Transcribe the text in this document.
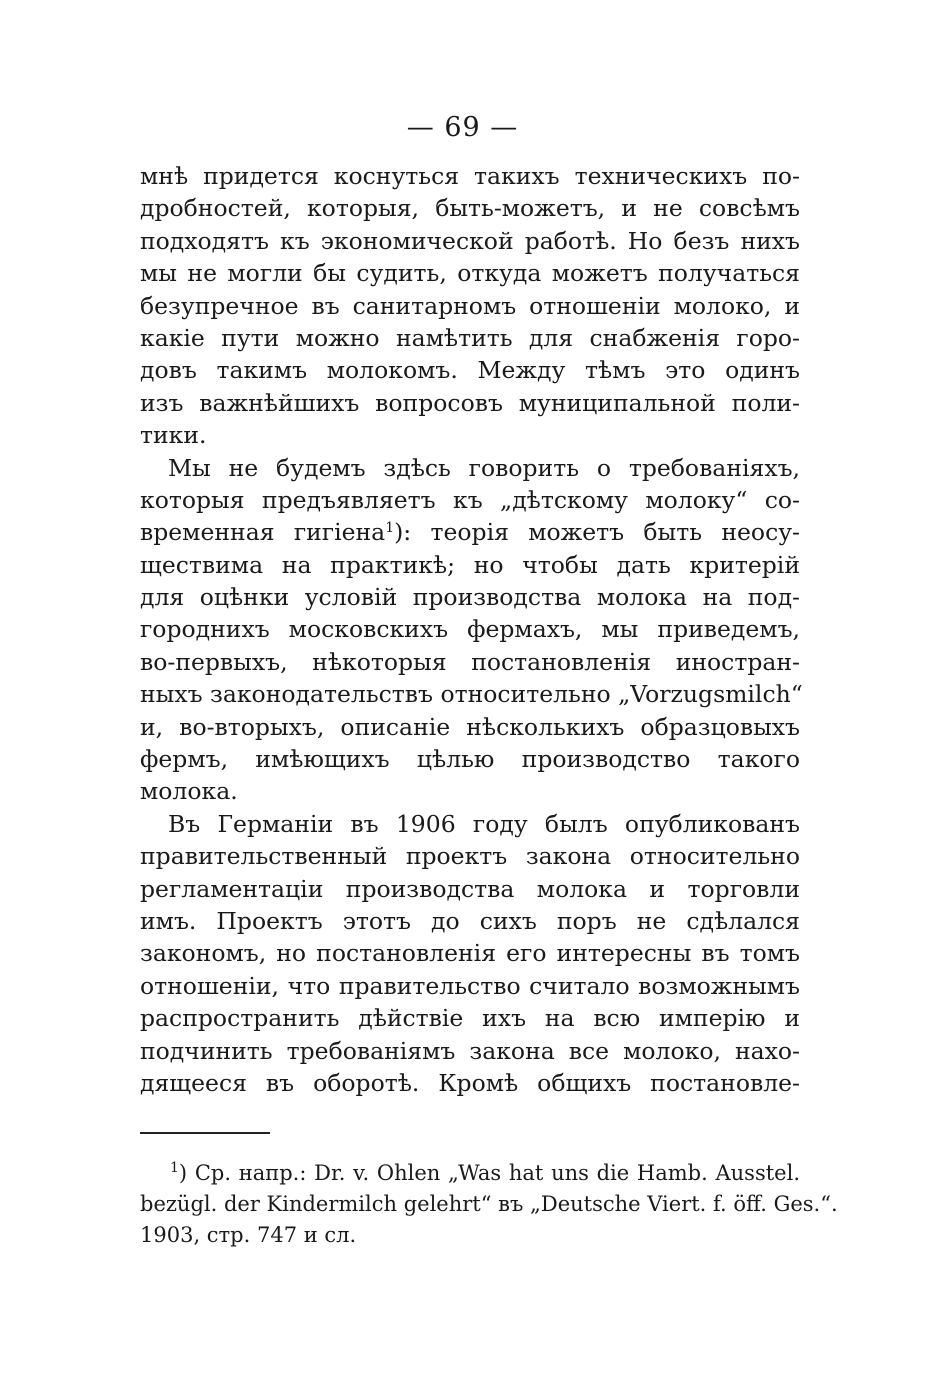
— 69 —
мнѣ придется коснуться такихъ техническихъ по-
дробностей, которыя, быть-можетъ, и не совсѣмъ
подходятъ къ экономической работѣ. Но безъ нихъ
мы не могли бы судить, откуда можетъ получаться
безупречное въ санитарномъ отношеніи молоко, и
какіе пути можно намѣтить для снабженія горо-
довъ такимъ молокомъ. Между тѣмъ это одинъ
изъ важнѣйшихъ вопросовъ муниципальной поли-
тики.
Мы не будемъ здѣсь говорить о требованіяхъ,
которыя предъявляетъ къ „дѣтскому молоку“ со-
временная гигіена$^1$): теорія можетъ быть неосу-
ществима на практикѣ; но чтобы дать критерій
для оцѣнки условій производства молока на под-
городнихъ московскихъ фермахъ, мы приведемъ,
во-первыхъ, нѣкоторыя постановленія иностран-
ныхъ законодательствъ относительно „Vorzugsmilch“
и, во-вторыхъ, описаніе нѣсколькихъ образцовыхъ
фермъ, имѣющихъ цѣлью производство такого
молока.
Въ Германіи въ 1906 году былъ опубликованъ
правительственный проектъ закона относительно
регламентаціи производства молока и торговли
имъ. Проектъ этотъ до сихъ поръ не сдѣлался
закономъ, но постановленія его интересны въ томъ
отношеніи, что правительство считало возможнымъ
распространить дѣйствіе ихъ на всю имперію и
подчинить требованіямъ закона все молоко, нахо-
дящееся въ оборотѣ. Кромѣ общихъ постановле-
$^1$) Ср. напр.: Dr. v. Ohlen „Was hat uns die Hamb. Ausstel.
bezügl. der Kindermilch gelehrt“ въ „Deutsche Viert. f. öff. Ges.“.
1903, стр. 747 и сл.
